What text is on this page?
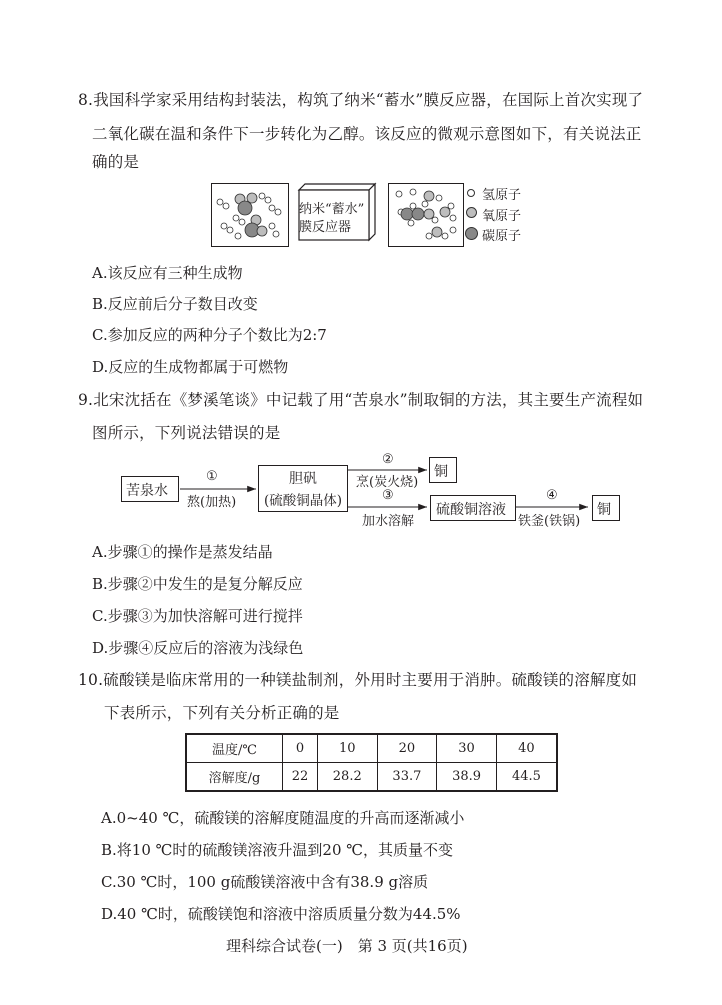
8.我国科学家采用结构封装法，构筑了纳米“蓄水”膜反应器，在国际上首次实现了
二氧化碳在温和条件下一步转化为乙醇。该反应的微观示意图如下，有关说法正
确的是
纳米“蓄水”
膜反应器
氢原子
氧原子
碳原子
A.该反应有三种生成物
B.反应前后分子数目改变
C.参加反应的两种分子个数比为2:7
D.反应的生成物都属于可燃物
9.北宋沈括在《梦溪笔谈》中记载了用“苦泉水”制取铜的方法，其主要生产流程如
图所示，下列说法错误的是
苦泉水
①
熬(加热)
胆矾
(硫酸铜晶体)
②
烹(炭火烧)
铜
③
加水溶解
硫酸铜溶液
④
铁釜(铁锅)
铜
A.步骤①的操作是蒸发结晶
B.步骤②中发生的是复分解反应
C.步骤③为加快溶解可进行搅拌
D.步骤④反应后的溶液为浅绿色
10.硫酸镁是临床常用的一种镁盐制剂，外用时主要用于消肿。硫酸镁的溶解度如
下表所示，下列有关分析正确的是
温度/℃	0	10	20	30	40
溶解度/g	22	28.2	33.7	38.9	44.5
A.0~40 ℃，硫酸镁的溶解度随温度的升高而逐渐减小
B.将10 ℃时的硫酸镁溶液升温到20 ℃，其质量不变
C.30 ℃时，100 g硫酸镁溶液中含有38.9 g溶质
D.40 ℃时，硫酸镁饱和溶液中溶质质量分数为44.5%
理科综合试卷(一)　第 3 页(共16页)
